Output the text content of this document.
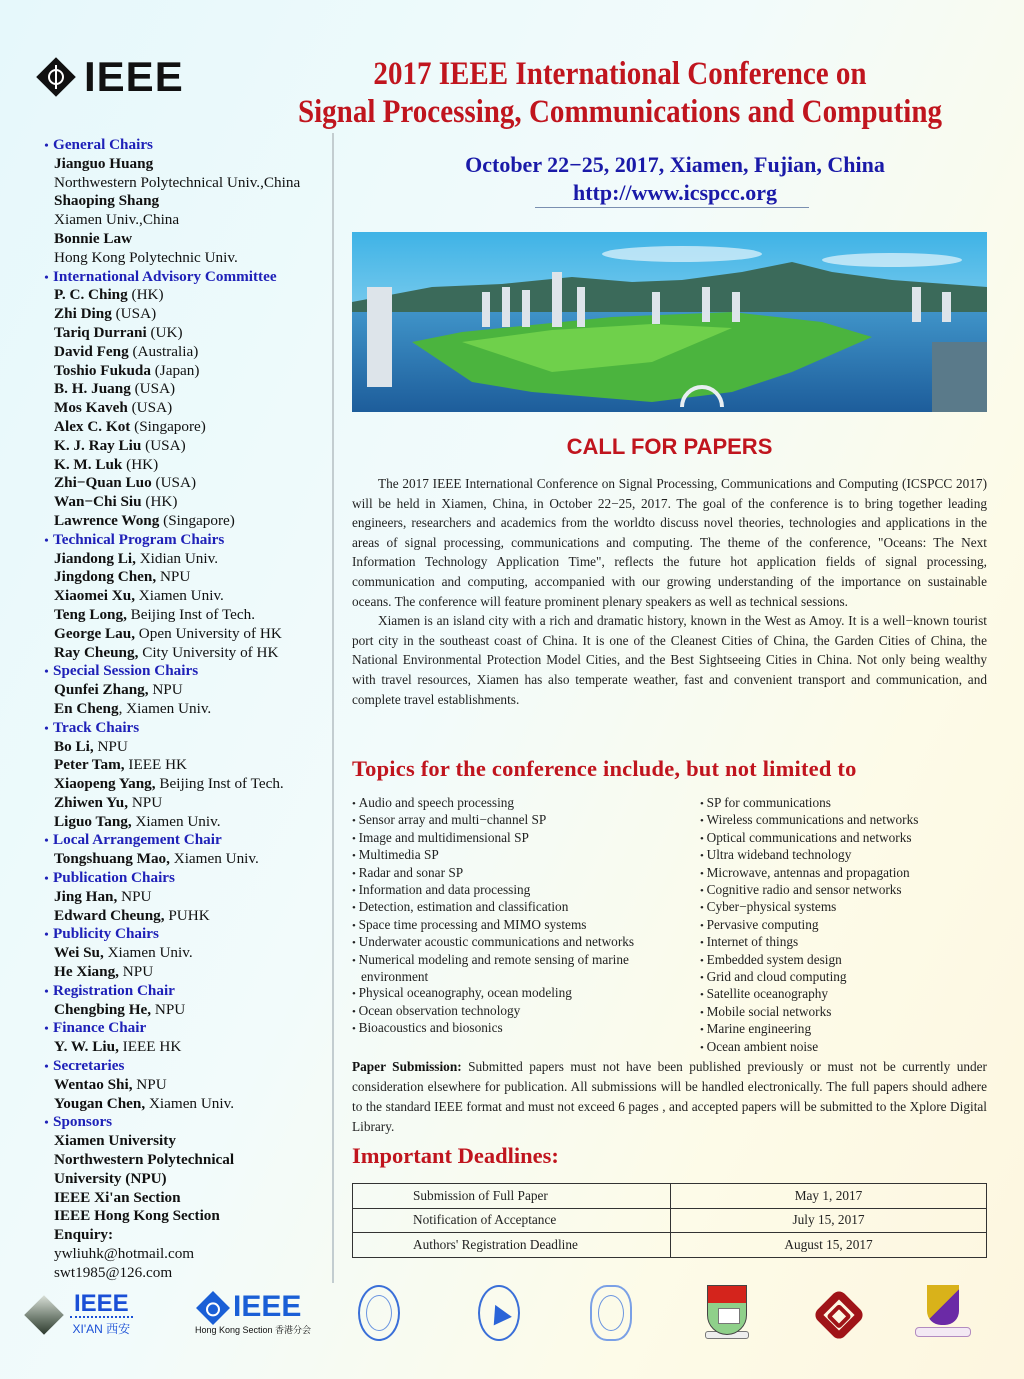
IEEE	2017 IEEE International Conference on
Signal Processing, Communications and Computing
October 22−25, 2017, Xiamen, Fujian, China
http://www.icspcc.org
• General Chairs
Jianguo Huang
Northwestern Polytechnical Univ.,China
Shaoping Shang
Xiamen Univ.,China
Bonnie Law
Hong Kong Polytechnic Univ.
• International Advisory Committee
P. C. Ching (HK)
Zhi Ding (USA)
Tariq Durrani (UK)
David Feng (Australia)
Toshio Fukuda (Japan)
B. H. Juang (USA)
Mos Kaveh (USA)
Alex C. Kot (Singapore)
K. J. Ray Liu (USA)
K. M. Luk (HK)
Zhi−Quan Luo (USA)
Wan−Chi Siu (HK)
Lawrence Wong (Singapore)
• Technical Program Chairs
Jiandong Li, Xidian Univ.
Jingdong Chen, NPU
Xiaomei Xu, Xiamen Univ.
Teng Long, Beijing Inst of Tech.
George Lau, Open University of HK
Ray Cheung, City University of HK
• Special Session Chairs
Qunfei Zhang, NPU
En Cheng, Xiamen Univ.
• Track Chairs
Bo Li, NPU
Peter Tam, IEEE HK
Xiaopeng Yang, Beijing Inst of Tech.
Zhiwen Yu, NPU
Liguo Tang, Xiamen Univ.
• Local Arrangement Chair
Tongshuang Mao, Xiamen Univ.
• Publication Chairs
Jing Han, NPU
Edward Cheung, PUHK
• Publicity Chairs
Wei Su, Xiamen Univ.
He Xiang, NPU
• Registration Chair
Chengbing He, NPU
• Finance Chair
Y. W. Liu, IEEE HK
• Secretaries
Wentao Shi, NPU
Yougan Chen, Xiamen Univ.
• Sponsors
Xiamen University
Northwestern Polytechnical
University (NPU)
IEEE Xi'an Section
IEEE Hong Kong Section
Enquiry:
ywliuhk@hotmail.com
swt1985@126.com
CALL FOR PAPERS

The 2017 IEEE International Conference on Signal Processing, Communications and Computing (ICSPCC 2017) will be held in Xiamen, China, in October 22−25, 2017. The goal of the conference is to bring together leading engineers, researchers and academics from the worldto discuss novel theories, technologies and applications in the areas of signal processing, communications and computing. The theme of the conference, "Oceans: The Next Information Technology Application Time", reflects the future hot application fields of signal processing, communication and computing, accompanied with our growing understanding of the importance on sustainable oceans. The conference will feature prominent plenary speakers as well as technical sessions.

Xiamen is an island city with a rich and dramatic history, known in the West as Amoy. It is a well−known tourist port city in the southeast coast of China. It is one of the Cleanest Cities of China, the Garden Cities of China, the National Environmental Protection Model Cities, and the Best Sightseeing Cities in China. Not only being wealthy with travel resources, Xiamen has also temperate weather, fast and convenient transport and communication, and complete travel establishments.

Topics for the conference include, but not limited to
• Audio and speech processing
• Sensor array and multi−channel SP
• Image and multidimensional SP
• Multimedia SP
• Radar and sonar SP
• Information and data processing
• Detection, estimation and classification
• Space time processing and MIMO systems
• Underwater acoustic communications and networks
• Numerical modeling and remote sensing of marine environment
• Physical oceanography, ocean modeling
• Ocean observation technology
• Bioacoustics and biosonics
• SP for communications
• Wireless communications and networks
• Optical communications and networks
• Ultra wideband technology
• Microwave, antennas and propagation
• Cognitive radio and sensor networks
• Cyber−physical systems
• Pervasive computing
• Internet of things
• Embedded system design
• Grid and cloud computing
• Satellite oceanography
• Mobile social networks
• Marine engineering
• Ocean ambient noise
Paper Submission: Submitted papers must not have been published previously or must not be currently under consideration elsewhere for publication. All submissions will be handled electronically. The full papers should adhere to the standard IEEE format and must not exceed 6 pages , and accepted papers will be submitted to the Xplore Digital Library.
Important Deadlines:
Submission of Full Paper	May 1, 2017
Notification of Acceptance	July 15, 2017
Authors' Registration Deadline	August 15, 2017
IEEE
XI'AN 西安
IEEE
Hong Kong Section 香港分会
